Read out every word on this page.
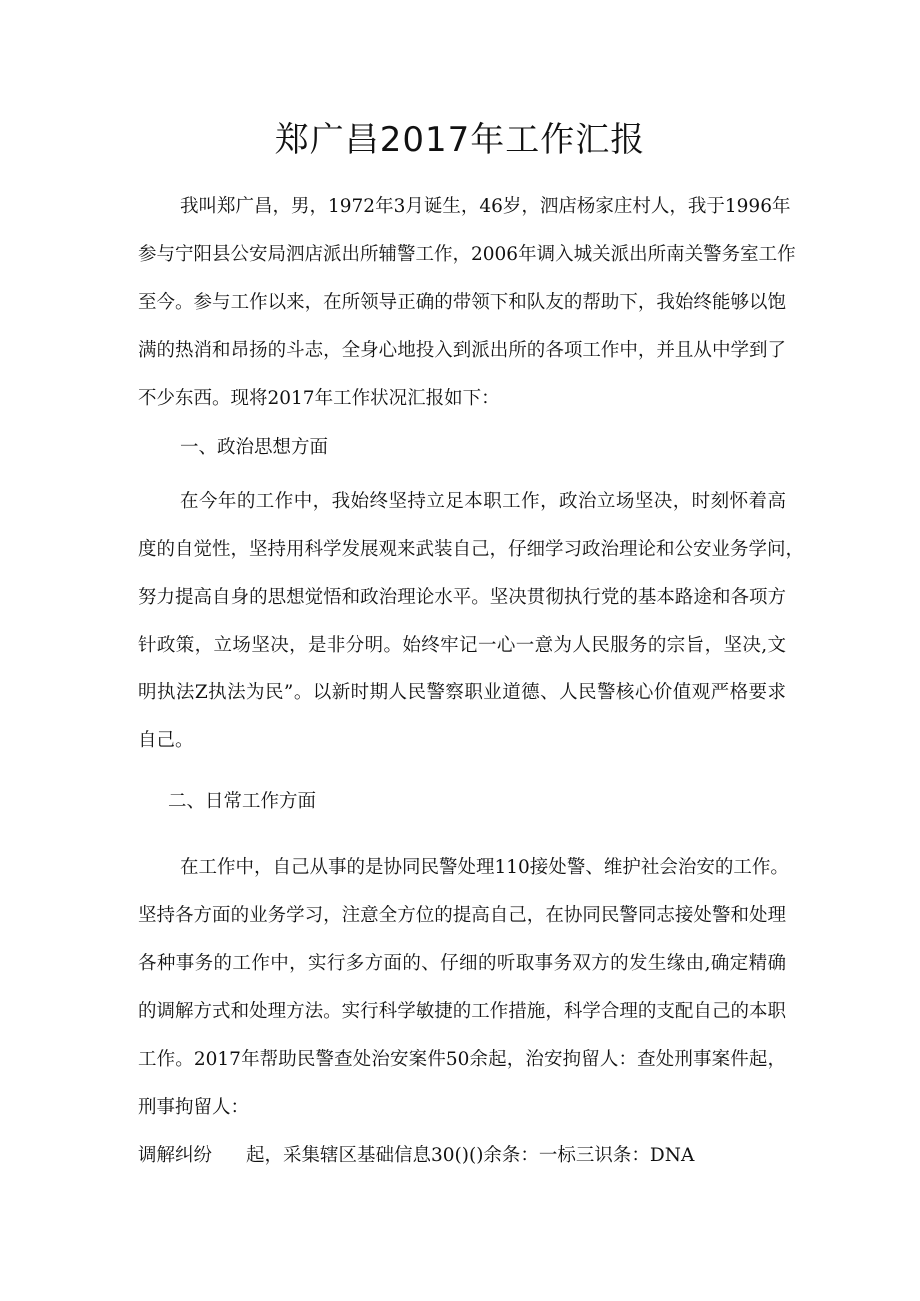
郑广昌2017年工作汇报
我叫郑广昌，男，1972年3月诞生，46岁，泗店杨家庄村人，我于1996年
参与宁阳县公安局泗店派出所辅警工作，2006年调入城关派出所南关警务室工作
至今。参与工作以来，在所领导正确的带领下和队友的帮助下，我始终能够以饱
满的热消和昂扬的斗志，全身心地投入到派出所的各项工作中，并且从中学到了
不少东西。现将2017年工作状况汇报如下：
一、政治思想方面
在今年的工作中，我始终坚持立足本职工作，政治立场坚决，时刻怀着高
度的自觉性，坚持用科学发展观来武装自己，仔细学习政治理论和公安业务学问，
努力提高自身的思想觉悟和政治理论水平。坚决贯彻执行党的基本路途和各项方
针政策，立场坚决，是非分明。始终牢记一心一意为人民服务的宗旨，坚决,文
明执法Z执法为民”。以新时期人民警察职业道德、人民警核心价值观严格要求
自己。
二、日常工作方面
在工作中，自己从事的是协同民警处理110接处警、维护社会治安的工作。
坚持各方面的业务学习，注意全方位的提高自己，在协同民警同志接处警和处理
各种事务的工作中，实行多方面的、仔细的听取事务双方的发生缘由,确定精确
的调解方式和处理方法。实行科学敏捷的工作措施，科学合理的支配自己的本职
工作。2017年帮助民警查处治安案件50余起，治安拘留人：查处刑事案件起，
刑事拘留人：
调解纠纷 起，采集辖区基础信息30()()余条：一标三识条：DNA
